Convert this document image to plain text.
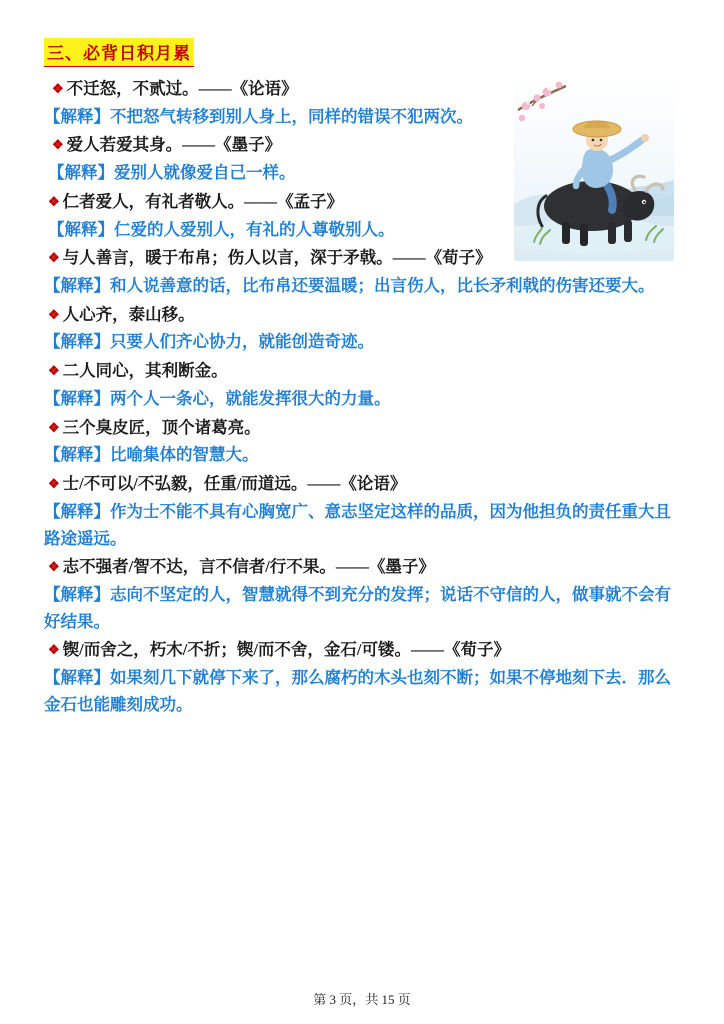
三、必背日积月累

❖ 不迁怒，不贰过。——《论语》

【解释】不把怒气转移到别人身上，同样的错误不犯两次。

❖ 爱人若爱其身。——《墨子》

【解释】爱别人就像爱自己一样。

❖ 仁者爱人，有礼者敬人。——《孟子》

【解释】仁爱的人爱别人，有礼的人尊敬别人。

❖ 与人善言，暖于布帛；伤人以言，深于矛戟。——《荀子》

【解释】和人说善意的话，比布帛还要温暖；出言伤人，比长矛利戟的伤害还要大。

❖ 人心齐，泰山移。

【解释】只要人们齐心协力，就能创造奇迹。

❖ 二人同心，其利断金。

【解释】两个人一条心，就能发挥很大的力量。

❖ 三个臭皮匠，顶个诸葛亮。

【解释】比喻集体的智慧大。

❖ 士/不可以/不弘毅，任重/而道远。——《论语》

【解释】作为士不能不具有心胸宽广、意志坚定这样的品质，因为他担负的责任重大且路途遥远。

❖ 志不强者/智不达，言不信者/行不果。——《墨子》

【解释】志向不坚定的人，智慧就得不到充分的发挥；说话不守信的人，做事就不会有好结果。

❖ 锲/而舍之，朽木/不折；锲/而不舍，金石/可镂。——《荀子》

【解释】如果刻几下就停下来了，那么腐朽的木头也刻不断；如果不停地刻下去．那么金石也能雕刻成功。

第 3 页，共 15 页
